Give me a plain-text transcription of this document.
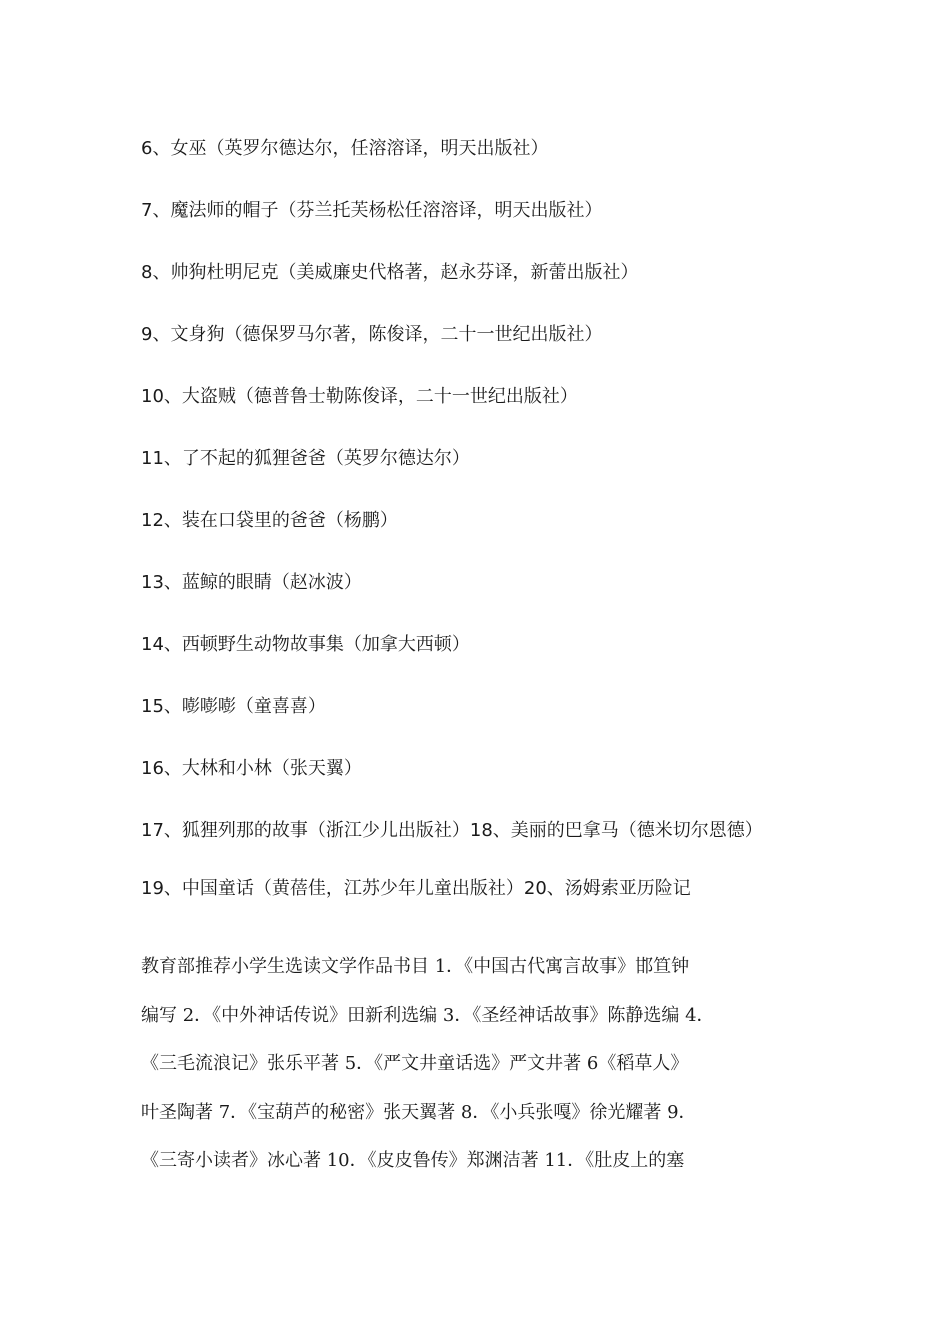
6、女巫（英罗尔德达尔，任溶溶译，明天出版社）
7、魔法师的帽子（芬兰托芙杨松任溶溶译，明天出版社）
8、帅狗杜明尼克（美威廉史代格著，赵永芬译，新蕾出版社）
9、文身狗（德保罗马尔著，陈俊译，二十一世纪出版社）
10、大盗贼（德普鲁士勒陈俊译，二十一世纪出版社）
11、了不起的狐狸爸爸（英罗尔德达尔）
12、装在口袋里的爸爸（杨鹏）
13、蓝鲸的眼睛（赵冰波）
14、西顿野生动物故事集（加拿大西顿）
15、嘭嘭嘭（童喜喜）
16、大林和小林（张天翼）
17、狐狸列那的故事（浙江少儿出版社）18、美丽的巴拿马（德米切尔恩德）
19、中国童话（黄蓓佳，江苏少年儿童出版社）20、汤姆索亚历险记
教育部推荐小学生选读文学作品书目 1．《中国古代寓言故事》邯笪钟
编写 2．《中外神话传说》田新利选编 3．《圣经神话故事》陈静选编 4．
《三毛流浪记》张乐平著 5．《严文井童话选》严文井著 6《稻草人》
叶圣陶著 7．《宝葫芦的秘密》张天翼著 8．《小兵张嘎》徐光耀著 9．
《三寄小读者》冰心著 10．《皮皮鲁传》郑渊洁著 11．《肚皮上的塞
